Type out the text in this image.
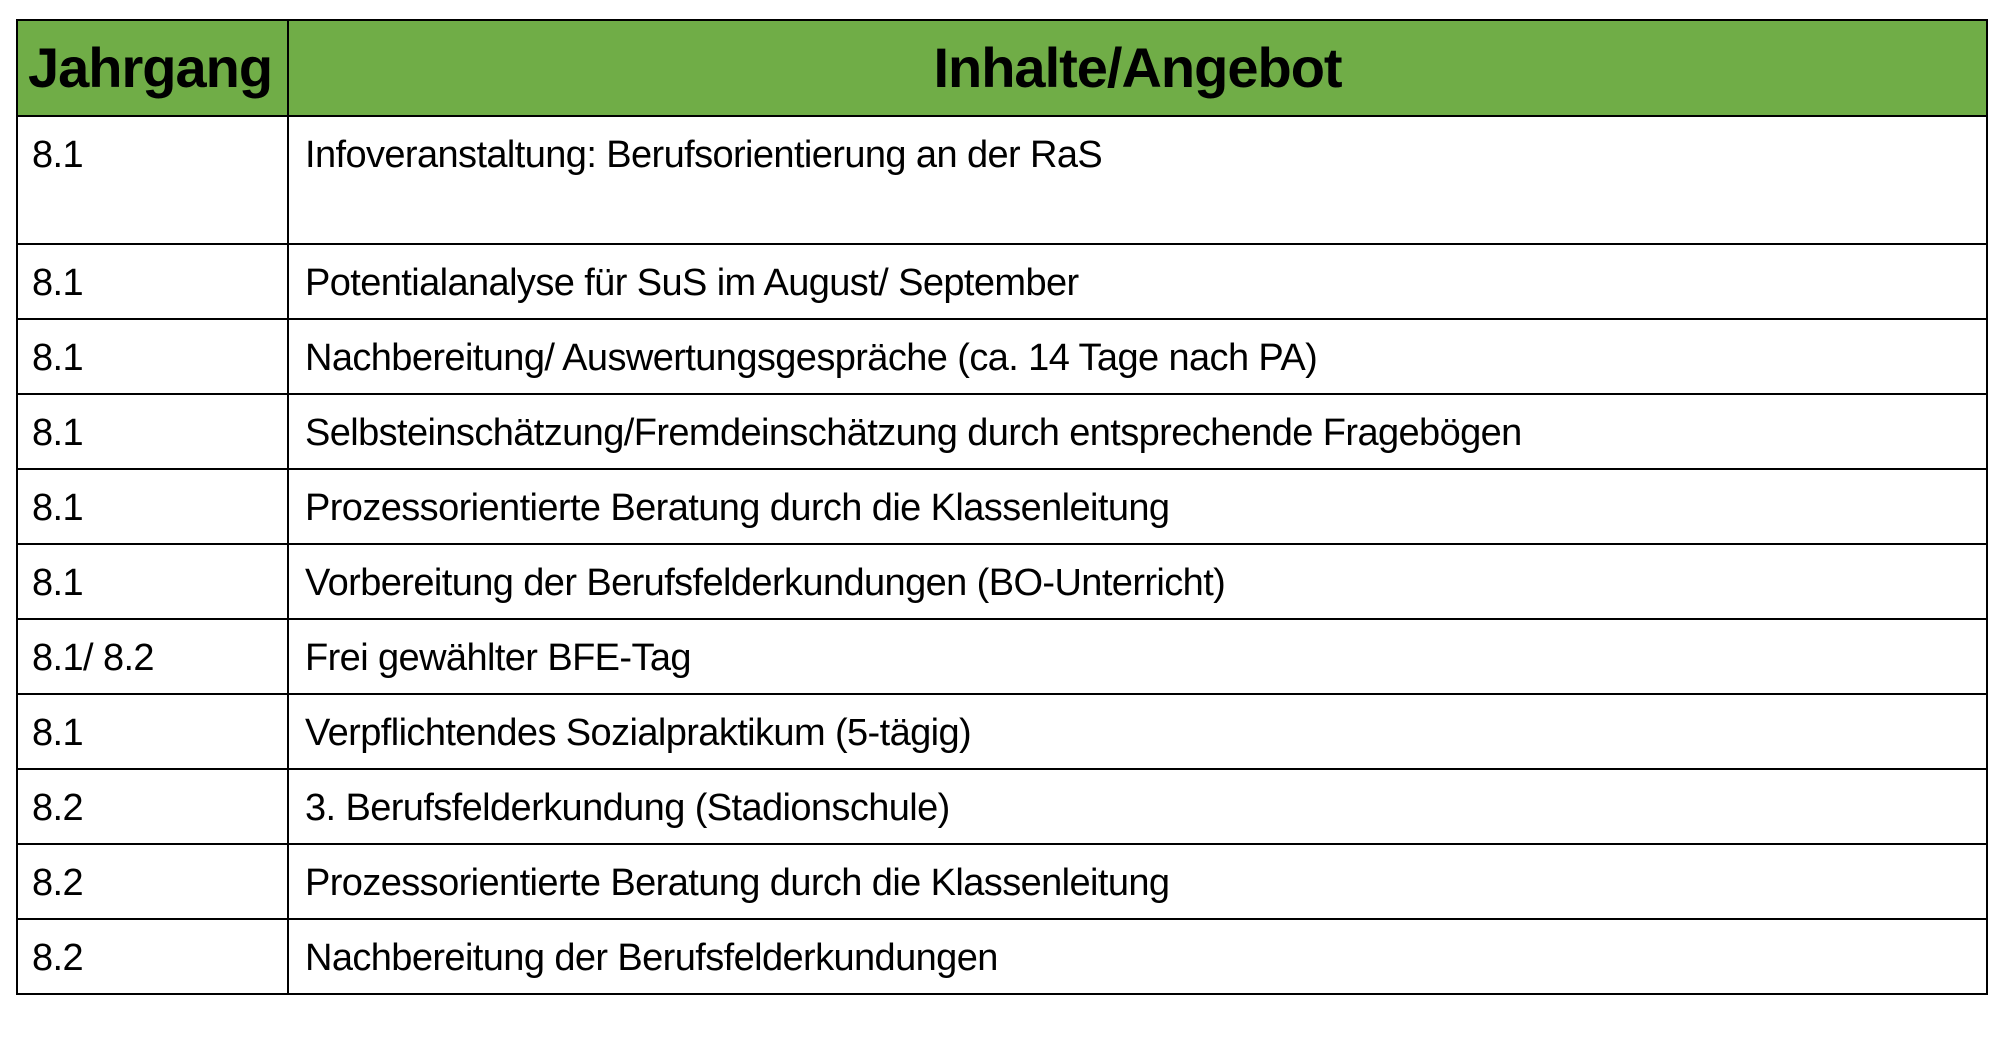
Jahrgang	Inhalte/Angebot
8.1	Infoveranstaltung: Berufsorientierung an der RaS
8.1	Potentialanalyse für SuS im August/ September
8.1	Nachbereitung/ Auswertungsgespräche (ca. 14 Tage nach PA)
8.1	Selbsteinschätzung/Fremdeinschätzung durch entsprechende Fragebögen
8.1	Prozessorientierte Beratung durch die Klassenleitung
8.1	Vorbereitung der Berufsfelderkundungen (BO-Unterricht)
8.1/ 8.2	Frei gewählter BFE-Tag
8.1	Verpflichtendes Sozialpraktikum (5-tägig)
8.2	3. Berufsfelderkundung (Stadionschule)
8.2	Prozessorientierte Beratung durch die Klassenleitung
8.2	Nachbereitung der Berufsfelderkundungen
